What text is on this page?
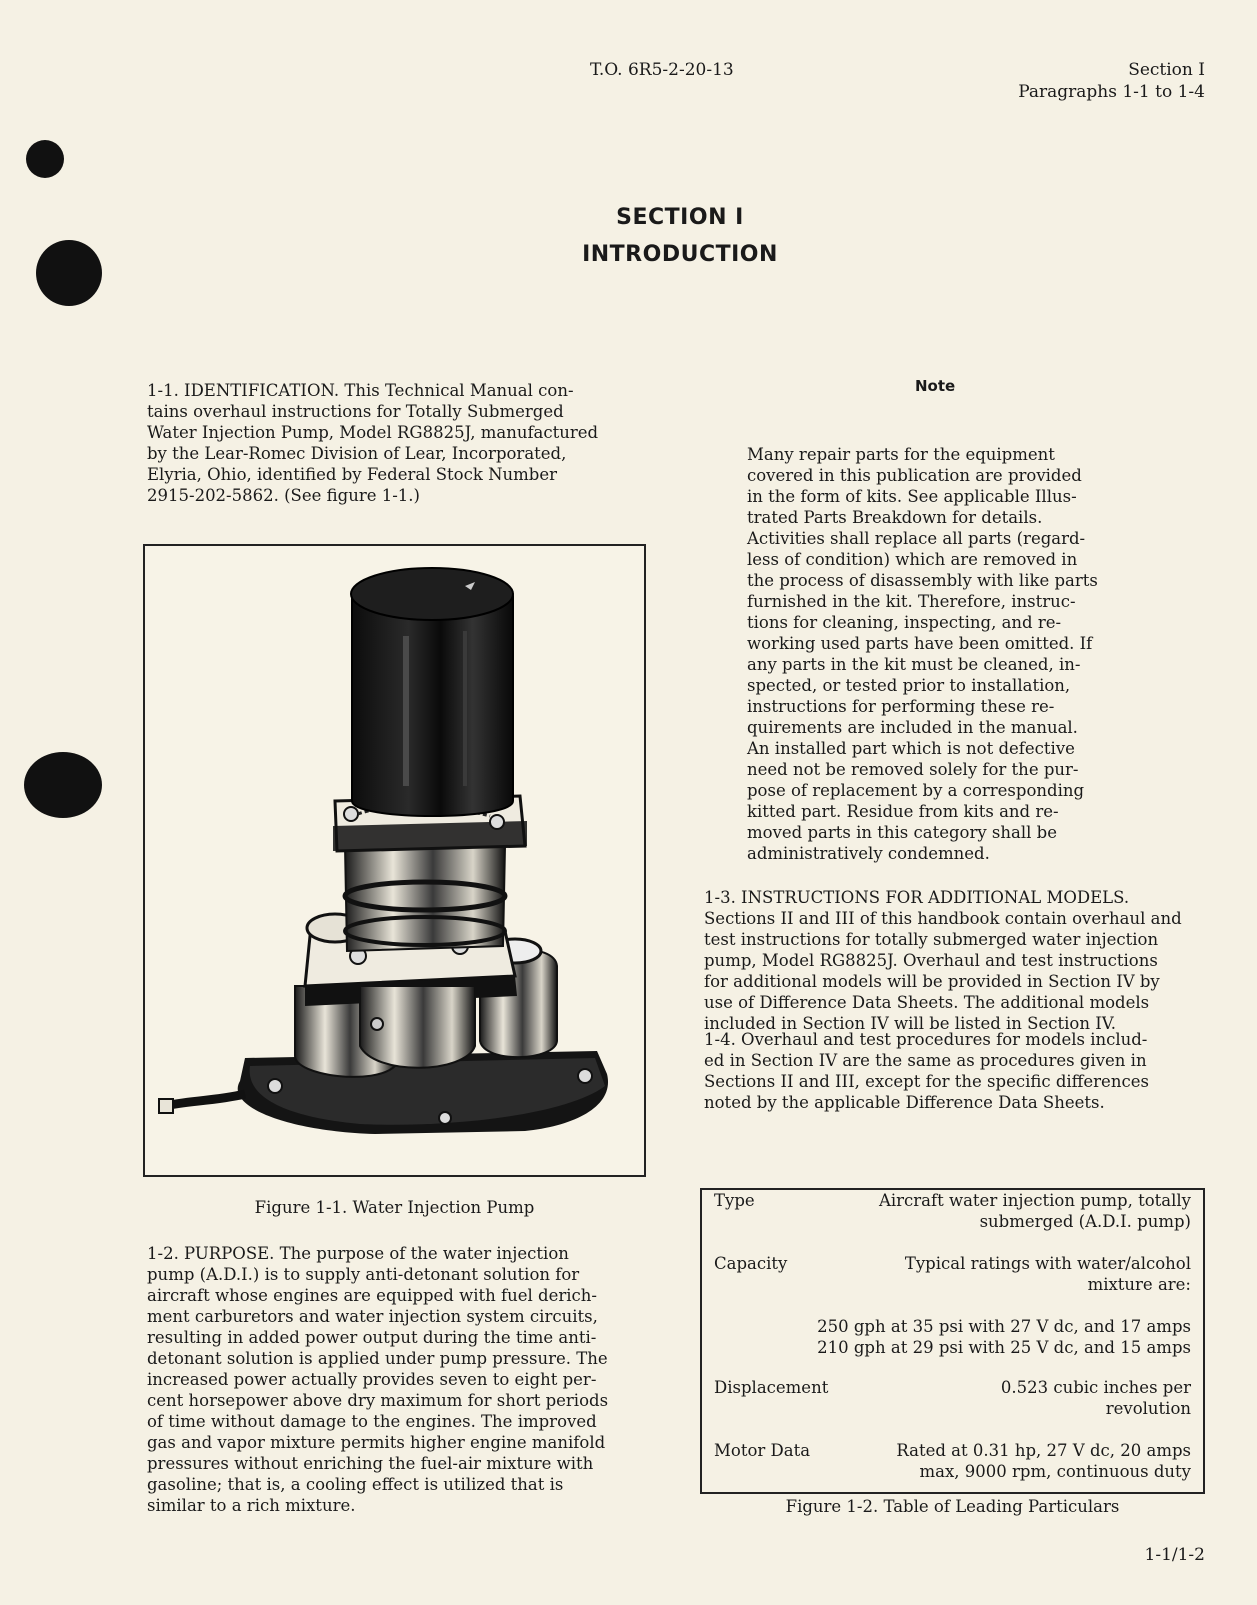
T.O. 6R5-2-20-13	Section I
Paragraphs 1-1 to 1-4
SECTION I
INTRODUCTION
1-1. IDENTIFICATION. This Technical Manual con-
tains overhaul instructions for Totally Submerged
Water Injection Pump, Model RG8825J, manufactured
by the Lear-Romec Division of Lear, Incorporated,
Elyria, Ohio, identified by Federal Stock Number
2915-202-5862. (See figure 1-1.)
Figure 1-1. Water Injection Pump
1-2. PURPOSE. The purpose of the water injection
pump (A.D.I.) is to supply anti-detonant solution for
aircraft whose engines are equipped with fuel derich-
ment carburetors and water injection system circuits,
resulting in added power output during the time anti-
detonant solution is applied under pump pressure. The
increased power actually provides seven to eight per-
cent horsepower above dry maximum for short periods
of time without damage to the engines. The improved
gas and vapor mixture permits higher engine manifold
pressures without enriching the fuel-air mixture with
gasoline; that is, a cooling effect is utilized that is
similar to a rich mixture.
Note
Many repair parts for the equipment
covered in this publication are provided
in the form of kits. See applicable Illus-
trated Parts Breakdown for details.
Activities shall replace all parts (regard-
less of condition) which are removed in
the process of disassembly with like parts
furnished in the kit. Therefore, instruc-
tions for cleaning, inspecting, and re-
working used parts have been omitted. If
any parts in the kit must be cleaned, in-
spected, or tested prior to installation,
instructions for performing these re-
quirements are included in the manual.
An installed part which is not defective
need not be removed solely for the pur-
pose of replacement by a corresponding
kitted part. Residue from kits and re-
moved parts in this category shall be
administratively condemned.
1-3. INSTRUCTIONS FOR ADDITIONAL MODELS.
Sections II and III of this handbook contain overhaul and
test instructions for totally submerged water injection
pump, Model RG8825J. Overhaul and test instructions
for additional models will be provided in Section IV by
use of Difference Data Sheets. The additional models
included in Section IV will be listed in Section IV.
1-4. Overhaul and test procedures for models includ-
ed in Section IV are the same as procedures given in
Sections II and III, except for the specific differences
noted by the applicable Difference Data Sheets.
Type	Aircraft water injection pump, totally
submerged (A.D.I. pump)
Capacity	Typical ratings with water/alcohol
mixture are:
250 gph at 35 psi with 27 V dc, and 17 amps
210 gph at 29 psi with 25 V dc, and 15 amps
Displacement	0.523 cubic inches per
revolution
Motor Data	Rated at 0.31 hp, 27 V dc, 20 amps
max, 9000 rpm, continuous duty
Figure 1-2. Table of Leading Particulars
1-1/1-2
